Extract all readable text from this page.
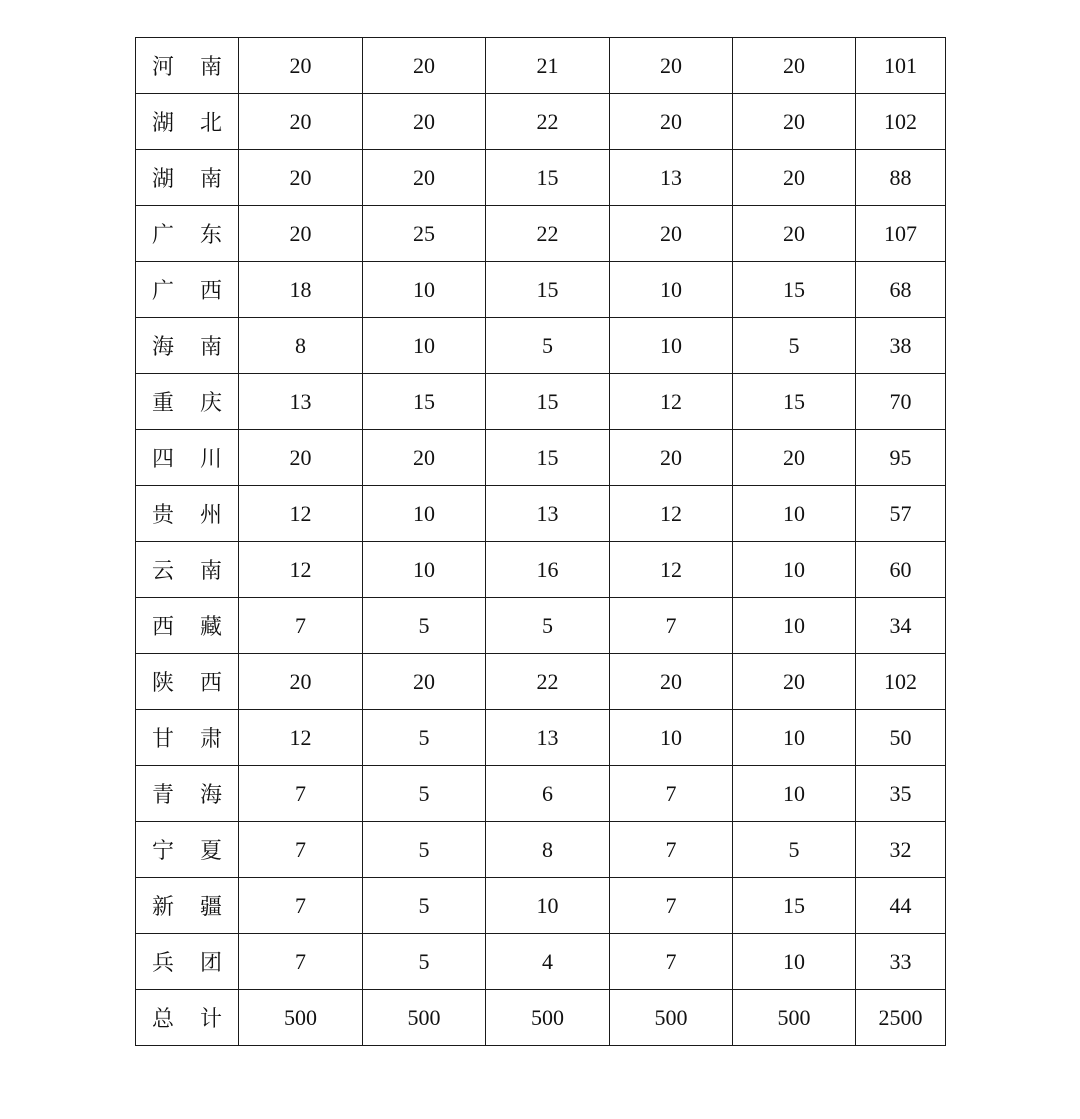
河 南	20	20	21	20	20	101

湖 北	20	20	22	20	20	102

湖 南	20	20	15	13	20	88

广 东	20	25	22	20	20	107

广 西	18	10	15	10	15	68

海 南	8	10	5	10	5	38

重 庆	13	15	15	12	15	70

四 川	20	20	15	20	20	95

贵 州	12	10	13	12	10	57

云 南	12	10	16	12	10	60

西 藏	7	5	5	7	10	34

陕 西	20	20	22	20	20	102

甘 肃	12	5	13	10	10	50

青 海	7	5	6	7	10	35

宁 夏	7	5	8	7	5	32

新 疆	7	5	10	7	15	44

兵 团	7	5	4	7	10	33

总 计	500	500	500	500	500	2500
